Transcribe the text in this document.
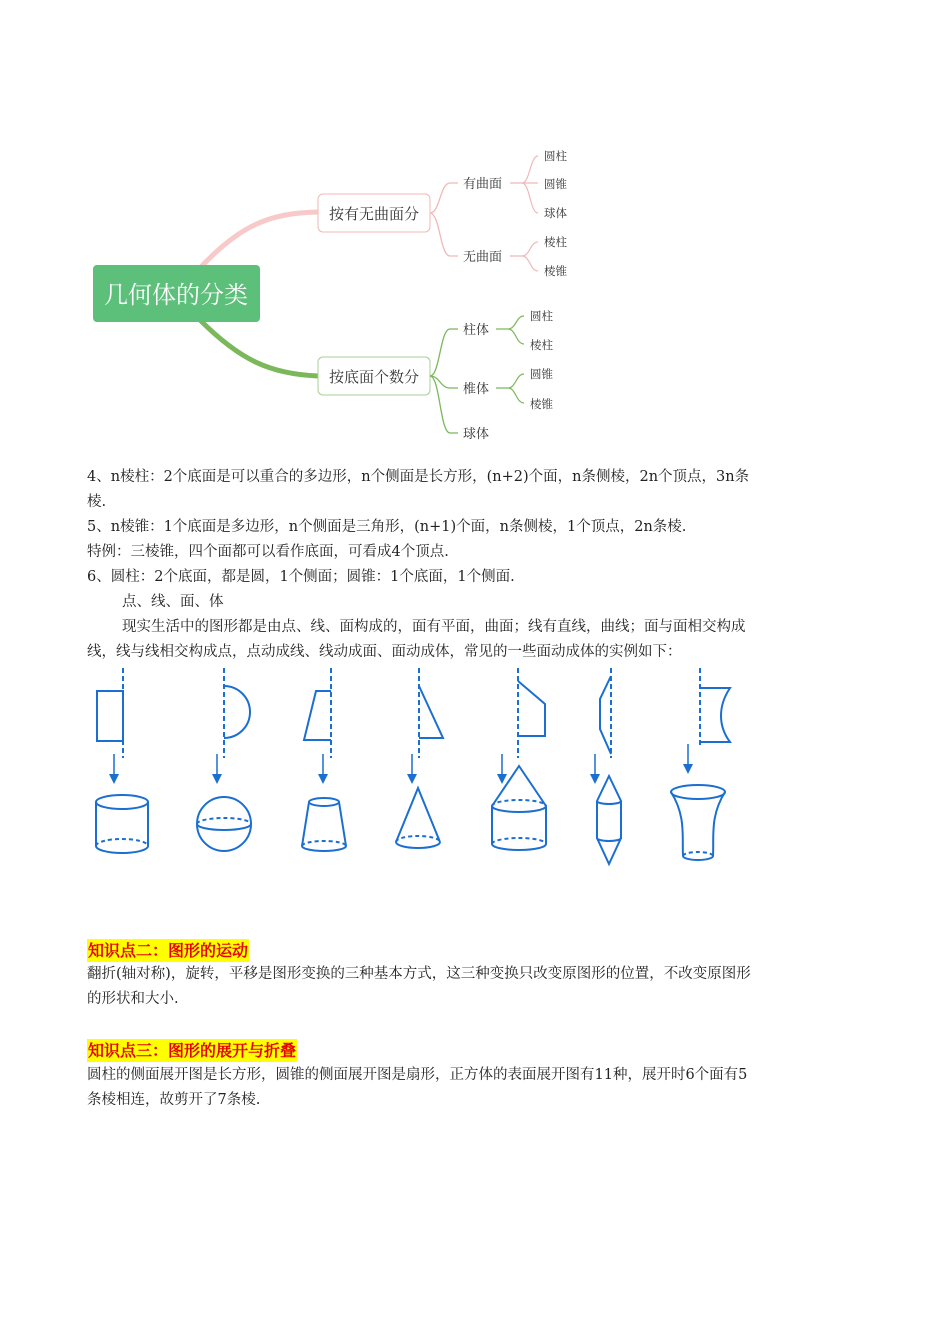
几何体的分类
按有无曲面分
有曲面
无曲面
圆柱
圆锥
球体
棱柱
棱锥
按底面个数分
柱体
椎体
球体
圆柱
棱柱
圆锥
棱锥
4、n棱柱：2个底面是可以重合的多边形，n个侧面是长方形，(n+2)个面，n条侧棱，2n个顶点，3n条
棱.
5、n棱锥：1个底面是多边形，n个侧面是三角形，(n+1)个面，n条侧棱，1个顶点，2n条棱.
特例：三棱锥，四个面都可以看作底面，可看成4个顶点.
6、圆柱：2个底面，都是圆，1个侧面；圆锥：1个底面，1个侧面.
点、线、面、体
现实生活中的图形都是由点、线、面构成的，面有平面，曲面；线有直线，曲线；面与面相交构成
线，线与线相交构成点，点动成线、线动成面、面动成体，常见的一些面动成体的实例如下：
知识点二：图形的运动
翻折(轴对称)，旋转，平移是图形变换的三种基本方式，这三种变换只改变原图形的位置，不改变原图形
的形状和大小.
知识点三：图形的展开与折叠
圆柱的侧面展开图是长方形，圆锥的侧面展开图是扇形，正方体的表面展开图有11种，展开时6个面有5
条棱相连，故剪开了7条棱.
